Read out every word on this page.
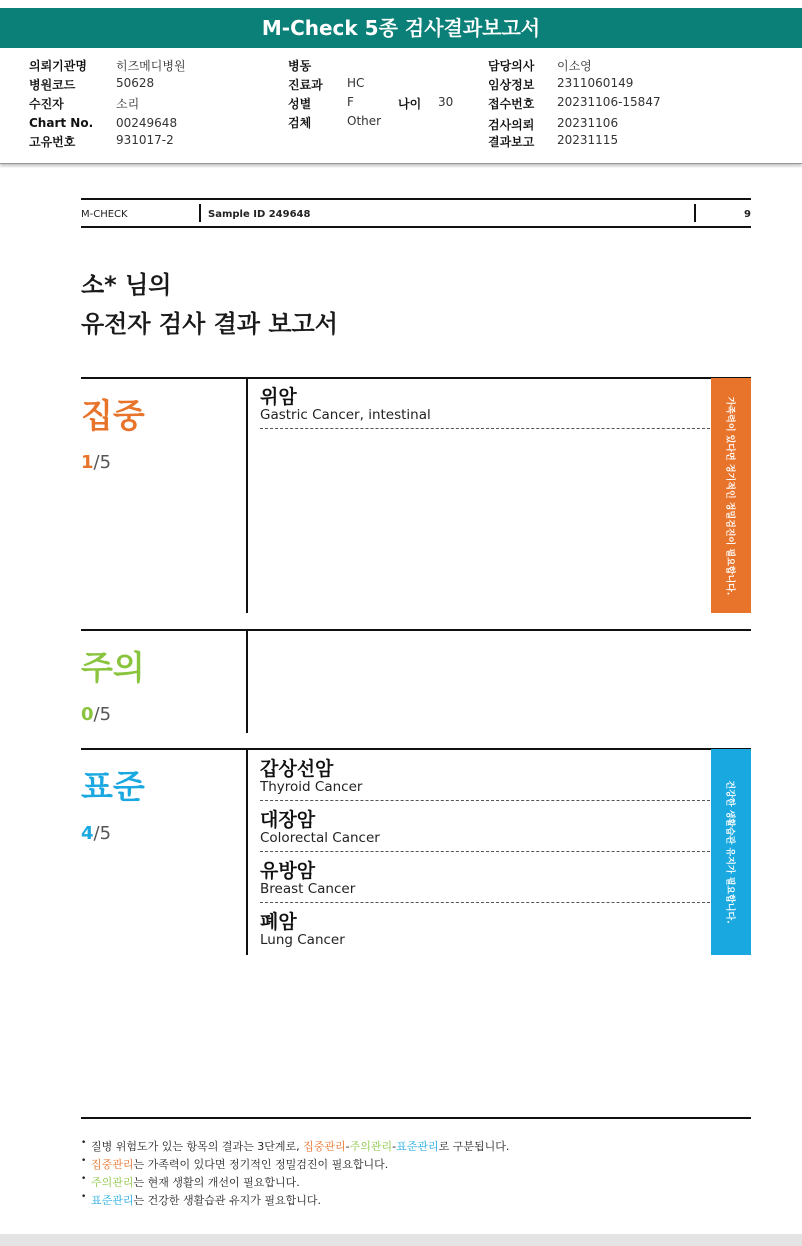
M-Check 5종 검사결과보고서
의뢰기관명 히즈메디병원
병원코드	50628
수진자	소리
Chart No. 00249648
고유번호	931017-2
병동
진료과 HC
성별	F	나이 30
검체	Other
담당의사 이소영
임상정보 2311060149
접수번호 20231106-15847
검사의뢰 20231106
결과보고 20231115
M-CHECK	Sample ID 249648	9
소* 님의
유전자 검사 결과 보고서
집중
1/5
위암
Gastric Cancer, intestinal	가족력이 있다면 정기적인 정밀검진이 필요합니다.
주의
0/5
표준
4/5
갑상선암
Thyroid Cancer
대장암
Colorectal Cancer
유방암
Breast Cancer
폐암
Lung Cancer
건강한 생활습관 유지가 필요합니다.
• 질병 위험도가 있는 항목의 결과는 3단계로, 집중관리-주의관리-표준관리로 구분됩니다.
• 집중관리는 가족력이 있다면 정기적인 정밀검진이 필요합니다.
• 주의관리는 현재 생활의 개선이 필요합니다.
• 표준관리는 건강한 생활습관 유지가 필요합니다.
